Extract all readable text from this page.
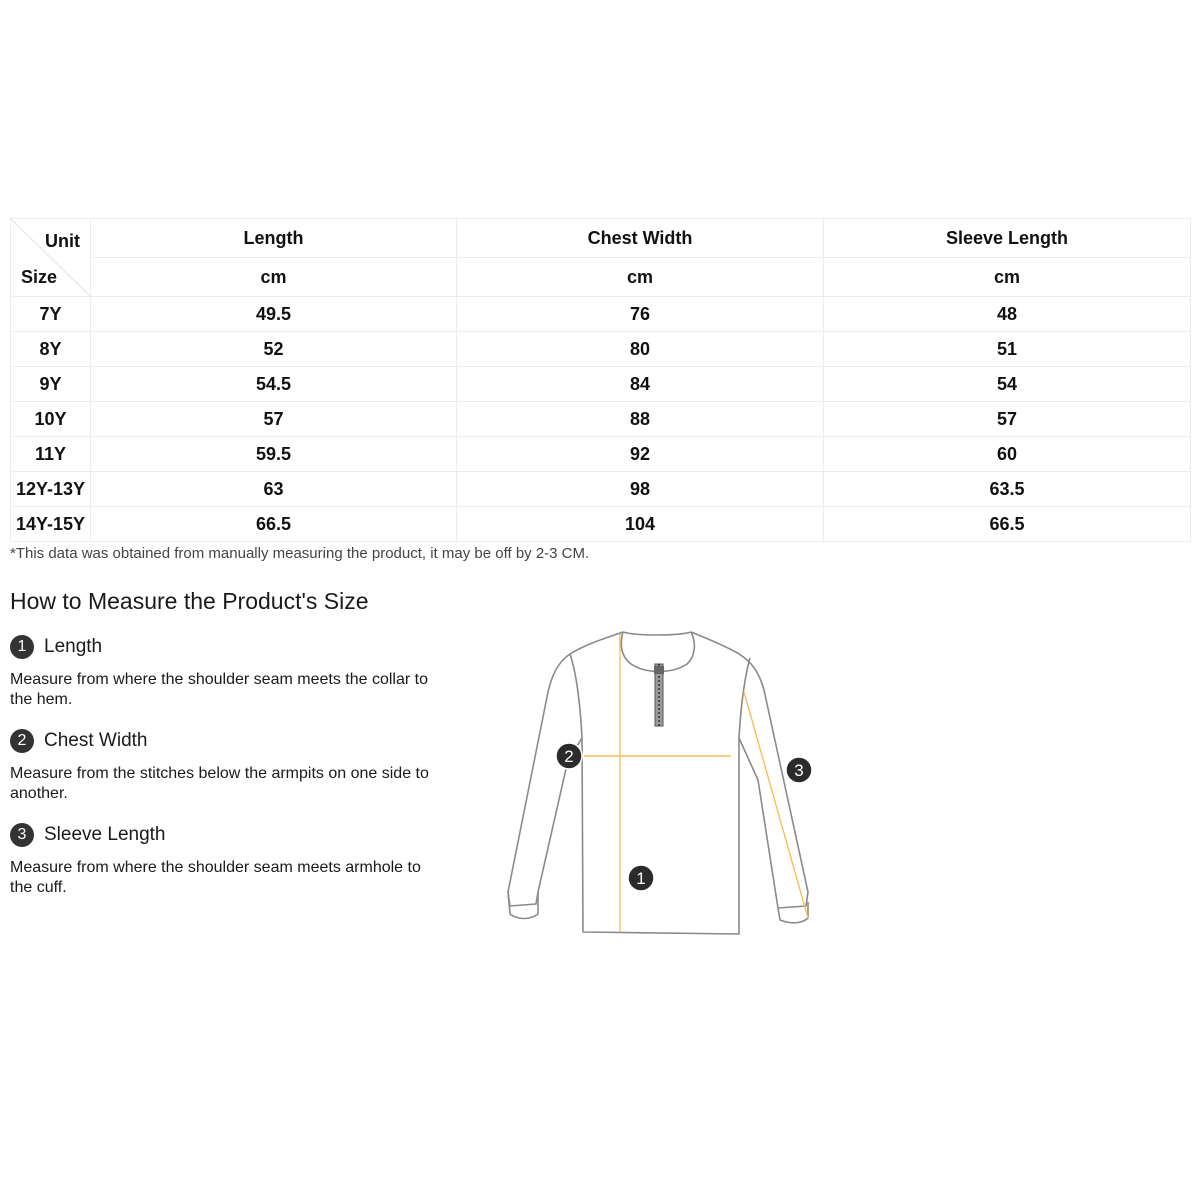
Unit
Size	Length	Chest Width	Sleeve Length
	cm	cm	cm
7Y	49.5	76	48
8Y	52	80	51
9Y	54.5	84	54
10Y	57	88	57
11Y	59.5	92	60
12Y-13Y	63	98	63.5
14Y-15Y	66.5	104	66.5
*This data was obtained from manually measuring the product, it may be off by 2-3 CM.
How to Measure the Product's Size
1 Length
Measure from where the shoulder seam meets the collar to the hem.
2 Chest Width
Measure from the stitches below the armpits on one side to another.
3 Sleeve Length
Measure from where the shoulder seam meets armhole to the cuff.	1
2
3
